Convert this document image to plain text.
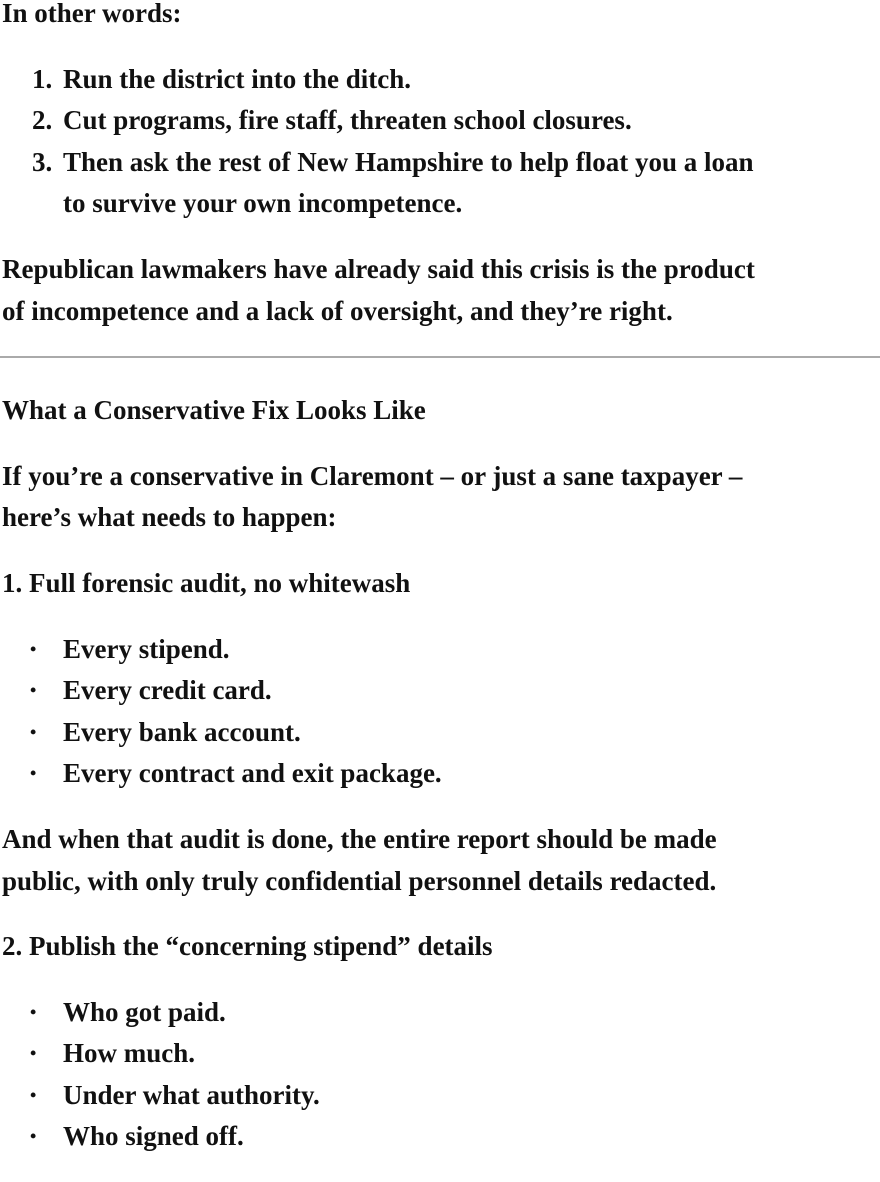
In other words:

1. Run the district into the ditch.
2. Cut programs, fire staff, threaten school closures.
3. Then ask the rest of New Hampshire to help float you a loan
to survive your own incompetence.

Republican lawmakers have already said this crisis is the product
of incompetence and a lack of oversight, and they’re right.

What a Conservative Fix Looks Like

If you’re a conservative in Claremont – or just a sane taxpayer –
here’s what needs to happen:

1. Full forensic audit, no whitewash

• Every stipend.
• Every credit card.
• Every bank account.
• Every contract and exit package.

And when that audit is done, the entire report should be made
public, with only truly confidential personnel details redacted.

2. Publish the “concerning stipend” details

• Who got paid.
• How much.
• Under what authority.
• Who signed off.
